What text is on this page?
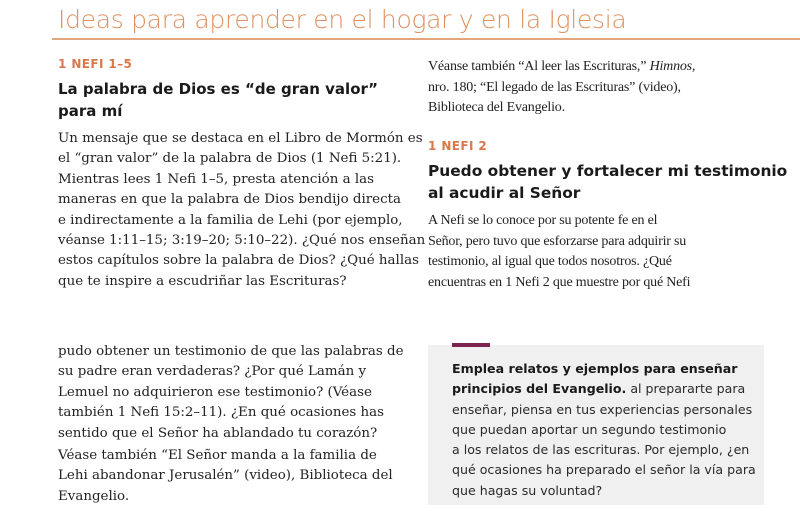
Ideas para aprender en el hogar y en la Iglesia
1 NEFI 1–5
La palabra de Dios es “de gran valor”
para mí
Un mensaje que se destaca en el Libro de Mormón es
el “gran valor” de la palabra de Dios (1 Nefi 5:21).
Mientras lees 1 Nefi 1–5, presta atención a las
maneras en que la palabra de Dios bendijo directa
e indirectamente a la familia de Lehi (por ejemplo,
véanse 1:11–15; 3:19–20; 5:10–22). ¿Qué nos enseñan
estos capítulos sobre la palabra de Dios? ¿Qué hallas
que te inspire a escudriñar las Escrituras?
Véanse también “Al leer las Escrituras,” Himnos,
nro. 180; “El legado de las Escrituras” (video),
Biblioteca del Evangelio.
1 NEFI 2
Puedo obtener y fortalecer mi testimonio
al acudir al Señor
A Nefi se lo conoce por su potente fe en el
Señor, pero tuvo que esforzarse para adquirir su
testimonio, al igual que todos nosotros. ¿Qué
encuentras en 1 Nefi 2 que muestre por qué Nefi
pudo obtener un testimonio de que las palabras de
su padre eran verdaderas? ¿Por qué Lamán y
Lemuel no adquirieron ese testimonio? (Véase
también 1 Nefi 15:2–11). ¿En qué ocasiones has
sentido que el Señor ha ablandado tu corazón?
Véase también “El Señor manda a la familia de
Lehi abandonar Jerusalén” (video), Biblioteca del
Evangelio.
Emplea relatos y ejemplos para enseñar
principios del Evangelio. al prepararte para
enseñar, piensa en tus experiencias personales
que puedan aportar un segundo testimonio
a los relatos de las escrituras. Por ejemplo, ¿en
qué ocasiones ha preparado el señor la vía para
que hagas su voluntad?
